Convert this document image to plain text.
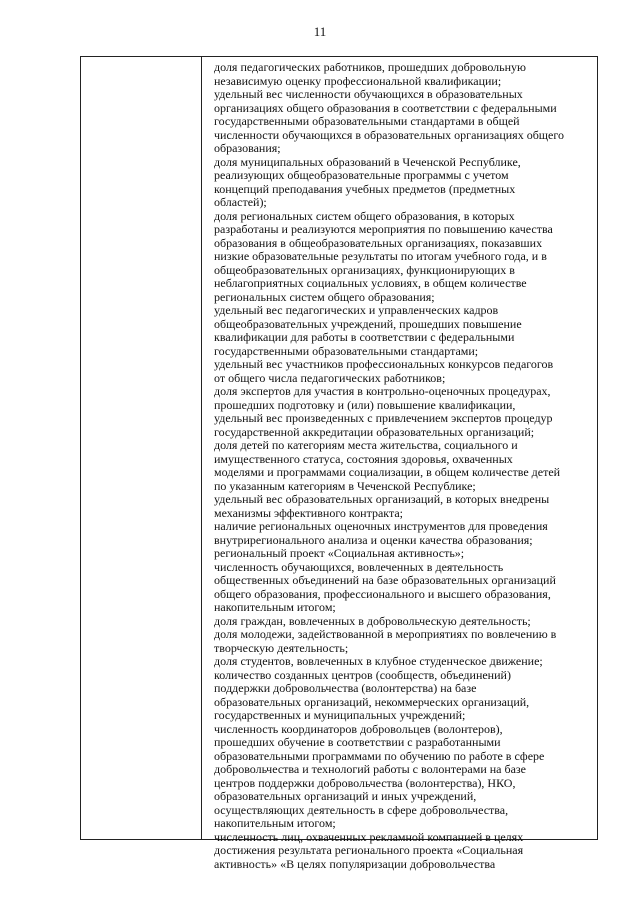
11
доля педагогических работников, прошедших добровольную
независимую оценку профессиональной квалификации;
удельный вес численности обучающихся в образовательных
организациях общего образования в соответствии с федеральными
государственными образовательными стандартами в общей
численности обучающихся в образовательных организациях общего
образования;
доля муниципальных образований в Чеченской Республике,
реализующих общеобразовательные программы с учетом
концепций преподавания учебных предметов (предметных
областей);
доля региональных систем общего образования, в которых
разработаны и реализуются мероприятия по повышению качества
образования в общеобразовательных организациях, показавших
низкие образовательные результаты по итогам учебного года, и в
общеобразовательных организациях, функционирующих в
неблагоприятных социальных условиях, в общем количестве
региональных систем общего образования;
удельный вес педагогических и управленческих кадров
общеобразовательных учреждений, прошедших повышение
квалификации для работы в соответствии с федеральными
государственными образовательными стандартами;
удельный вес участников профессиональных конкурсов педагогов
от общего числа педагогических работников;
доля экспертов для участия в контрольно-оценочных процедурах,
прошедших подготовку и (или) повышение квалификации,
удельный вес произведенных с привлечением экспертов процедур
государственной аккредитации образовательных организаций;
доля детей по категориям места жительства, социального и
имущественного статуса, состояния здоровья, охваченных
моделями и программами социализации, в общем количестве детей
по указанным категориям в Чеченской Республике;
удельный вес образовательных организаций, в которых внедрены
механизмы эффективного контракта;
наличие региональных оценочных инструментов для проведения
внутрирегионального анализа и оценки качества образования;
региональный проект «Социальная активность»;
численность обучающихся, вовлеченных в деятельность
общественных объединений на базе образовательных организаций
общего образования, профессионального и высшего образования,
накопительным итогом;
доля граждан, вовлеченных в добровольческую деятельность;
доля молодежи, задействованной в мероприятиях по вовлечению в
творческую деятельность;
доля студентов, вовлеченных в клубное студенческое движение;
количество созданных центров (сообществ, объединений)
поддержки добровольчества (волонтерства) на базе
образовательных организаций, некоммерческих организаций,
государственных и муниципальных учреждений;
численность координаторов добровольцев (волонтеров),
прошедших обучение в соответствии с разработанными
образовательными программами по обучению по работе в сфере
добровольчества и технологий работы с волонтерами на базе
центров поддержки добровольчества (волонтерства), НКО,
образовательных организаций и иных учреждений,
осуществляющих деятельность в сфере добровольчества,
накопительным итогом;
численность лиц, охваченных рекламной компанией в целях
достижения результата регионального проекта «Социальная
активность» «В целях популяризации добровольчества
